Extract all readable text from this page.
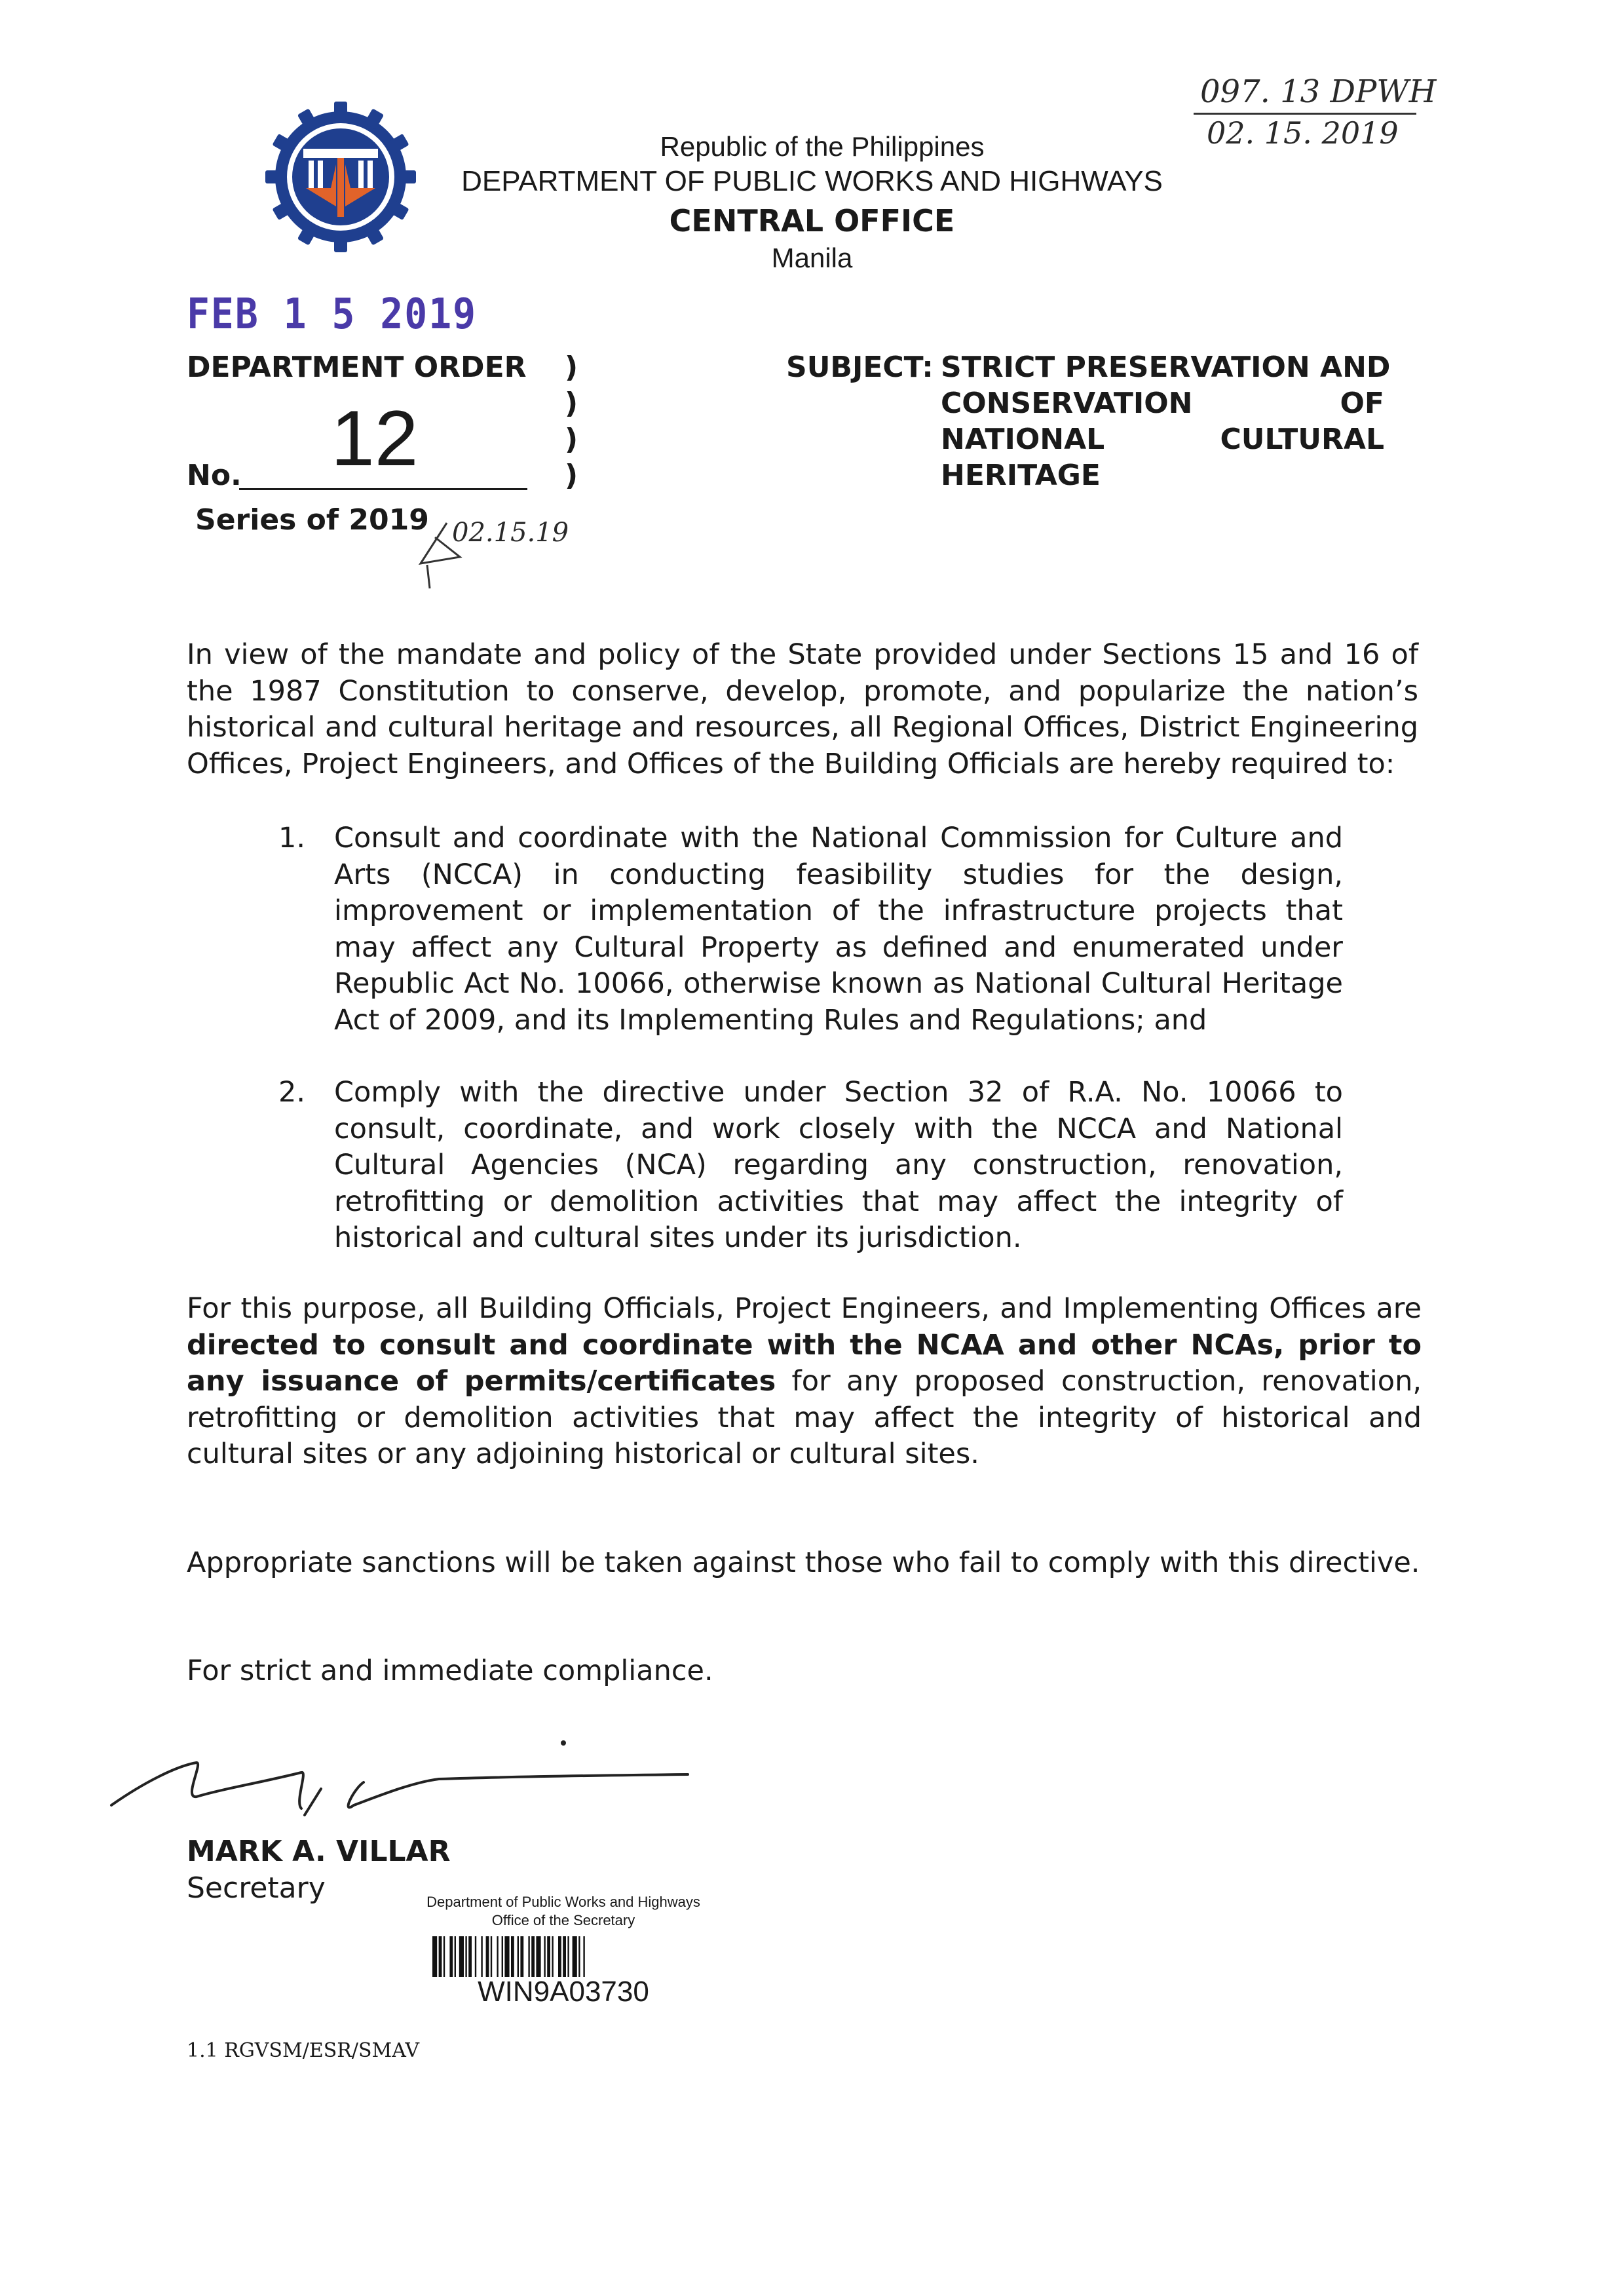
Republic of the Philippines
DEPARTMENT OF PUBLIC WORKS AND HIGHWAYS
CENTRAL OFFICE
Manila
097. 13 DPWH
02. 15. 2019
FEB 1 5 2019
DEPARTMENT ORDER )
)
)
)
12
No.
Series of 2019 02.15.19
SUBJECT: STRICT PRESERVATION AND
CONSERVATION OF
NATIONAL CULTURAL
HERITAGE
In view of the mandate and policy of the State provided under Sections 15 and 16 of the 1987 Constitution to conserve, develop, promote, and popularize the nation’s historical and cultural heritage and resources, all Regional Offices, District Engineering Offices, Project Engineers, and Offices of the Building Officials are hereby required to:
1. Consult and coordinate with the National Commission for Culture and Arts (NCCA) in conducting feasibility studies for the design, improvement or implementation of the infrastructure projects that may affect any Cultural Property as defined and enumerated under Republic Act No. 10066, otherwise known as National Cultural Heritage Act of 2009, and its Implementing Rules and Regulations; and
2. Comply with the directive under Section 32 of R.A. No. 10066 to consult, coordinate, and work closely with the NCCA and National Cultural Agencies (NCA) regarding any construction, renovation, retrofitting or demolition activities that may affect the integrity of historical and cultural sites under its jurisdiction.
For this purpose, all Building Officials, Project Engineers, and Implementing Offices are directed to consult and coordinate with the NCAA and other NCAs, prior to any issuance of permits/certificates for any proposed construction, renovation, retrofitting or demolition activities that may affect the integrity of historical and cultural sites or any adjoining historical or cultural sites.
Appropriate sanctions will be taken against those who fail to comply with this directive.
For strict and immediate compliance.
MARK A. VILLAR
Secretary	Department of Public Works and Highways
Office of the Secretary
WIN9A03730
1.1 RGVSM/ESR/SMAV
